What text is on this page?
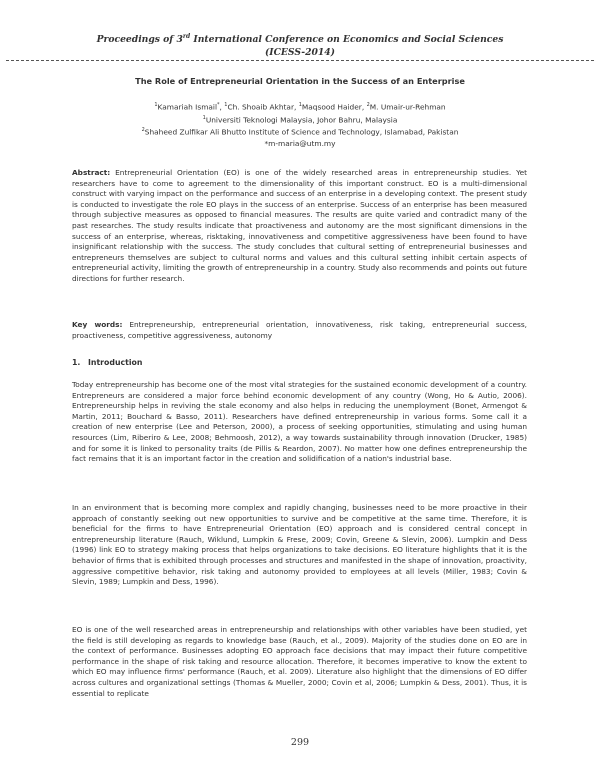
Proceedings of 3rd International Conference on Economics and Social Sciences
(ICESS-2014)
The Role of Entrepreneurial Orientation in the Success of an Enterprise
$^1$Kamariah Ismail*, $^1$Ch. Shoaib Akhtar, $^1$Maqsood Haider, $^2$M. Umair-ur-Rehman
$^1$Universiti Teknologi Malaysia, Johor Bahru, Malaysia
$^2$Shaheed Zulfikar Ali Bhutto Institute of Science and Technology, Islamabad, Pakistan
*m-maria@utm.my
Abstract: Entrepreneurial Orientation (EO) is one of the widely researched areas in entrepreneurship studies. Yet researchers have to come to agreement to the dimensionality of this important construct. EO is a multi-dimensional construct with varying impact on the performance and success of an enterprise in a developing context. The present study is conducted to investigate the role EO plays in the success of an enterprise. Success of an enterprise has been measured through subjective measures as opposed to financial measures. The results are quite varied and contradict many of the past researches. The study results indicate that proactiveness and autonomy are the most significant dimensions in the success of an enterprise, whereas, risktaking, innovativeness and competitive aggressiveness have been found to have insignificant relationship with the success. The study concludes that cultural setting of entrepreneurial businesses and entrepreneurs themselves are subject to cultural norms and values and this cultural setting inhibit certain aspects of entrepreneurial activity, limiting the growth of entrepreneurship in a country. Study also recommends and points out future directions for further research.
Key words: Entrepreneurship, entrepreneurial orientation, innovativeness, risk taking, entrepreneurial success, proactiveness, competitive aggressiveness, autonomy
1. Introduction
Today entrepreneurship has become one of the most vital strategies for the sustained economic development of a country. Entrepreneurs are considered a major force behind economic development of any country (Wong, Ho & Autio, 2006). Entrepreneurship helps in reviving the stale economy and also helps in reducing the unemployment (Bonet, Armengot & Martin, 2011; Bouchard & Basso, 2011). Researchers have defined entrepreneurship in various forms. Some call it a creation of new enterprise (Lee and Peterson, 2000), a process of seeking opportunities, stimulating and using human resources (Lim, Riberiro & Lee, 2008; Behmoosh, 2012), a way towards sustainability through innovation (Drucker, 1985) and for some it is linked to personality traits (de Pillis & Reardon, 2007). No matter how one defines entrepreneurship the fact remains that it is an important factor in the creation and solidification of a nation's industrial base.
In an environment that is becoming more complex and rapidly changing, businesses need to be more proactive in their approach of constantly seeking out new opportunities to survive and be competitive at the same time. Therefore, it is beneficial for the firms to have Entrepreneurial Orientation (EO) approach and is considered central concept in entrepreneurship literature (Rauch, Wiklund, Lumpkin & Frese, 2009; Covin, Greene & Slevin, 2006). Lumpkin and Dess (1996) link EO to strategy making process that helps organizations to take decisions. EO literature highlights that it is the behavior of firms that is exhibited through processes and structures and manifested in the shape of innovation, proactivity, aggressive competitive behavior, risk taking and autonomy provided to employees at all levels (Miller, 1983; Covin & Slevin, 1989; Lumpkin and Dess, 1996).
EO is one of the well researched areas in entrepreneurship and relationships with other variables have been studied, yet the field is still developing as regards to knowledge base (Rauch, et al., 2009). Majority of the studies done on EO are in the context of performance. Businesses adopting EO approach face decisions that may impact their future competitive performance in the shape of risk taking and resource allocation. Therefore, it becomes imperative to know the extent to which EO may influence firms' performance (Rauch, et al. 2009). Literature also highlight that the dimensions of EO differ across cultures and organizational settings (Thomas & Mueller, 2000; Covin et al, 2006; Lumpkin & Dess, 2001). Thus, it is essential to replicate
299
